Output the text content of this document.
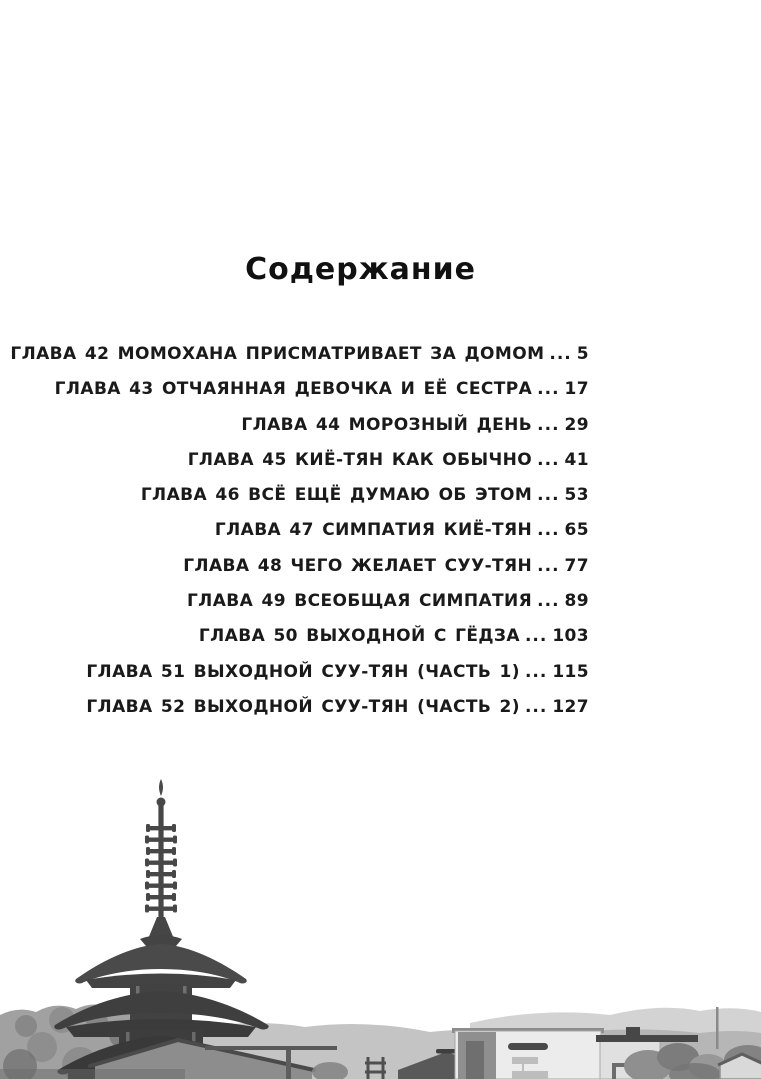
Содержание
ГЛАВА 42 МОМОХАНА ПРИСМАТРИВАЕТ ЗА ДОМОМ ... 5
ГЛАВА 43 ОТЧАЯННАЯ ДЕВОЧКА И ЕЁ СЕСТРА ... 17
ГЛАВА 44 МОРОЗНЫЙ ДЕНЬ ... 29
ГЛАВА 45 КИЁ-ТЯН КАК ОБЫЧНО ... 41
ГЛАВА 46 ВСЁ ЕЩЁ ДУМАЮ ОБ ЭТОМ ... 53
ГЛАВА 47 СИМПАТИЯ КИЁ-ТЯН ... 65
ГЛАВА 48 ЧЕГО ЖЕЛАЕТ СУУ-ТЯН ... 77
ГЛАВА 49 ВСЕОБЩАЯ СИМПАТИЯ ... 89
ГЛАВА 50 ВЫХОДНОЙ С ГЁДЗА ... 103
ГЛАВА 51 ВЫХОДНОЙ СУУ-ТЯН (ЧАСТЬ 1) ... 115
ГЛАВА 52 ВЫХОДНОЙ СУУ-ТЯН (ЧАСТЬ 2) ... 127
